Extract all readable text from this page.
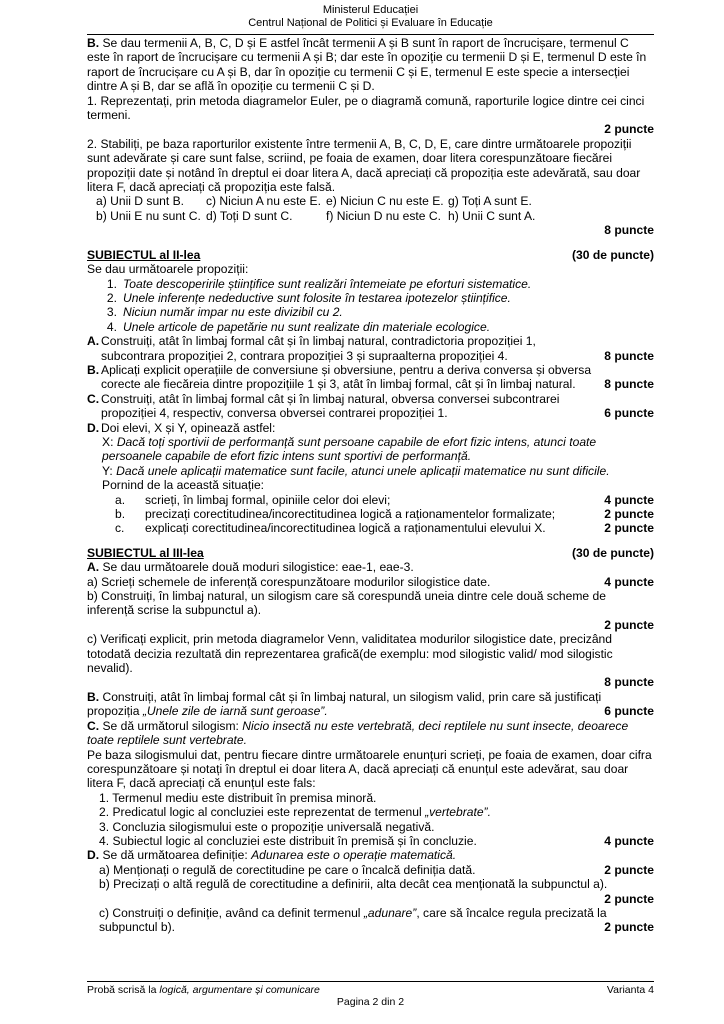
Ministerul Educației
Centrul Național de Politici și Evaluare în Educație
B. Se dau termenii A, B, C, D și E astfel încât termenii A și B sunt în raport de încrucișare, termenul C este în raport de încrucișare cu termenii A și B; dar este în opoziție cu termenii D și E, termenul D este în raport de încrucișare cu A și B, dar în opoziție cu termenii C și E, termenul E este specie a intersecției dintre A și B, dar se află în opoziție cu termenii C și D.
1. Reprezentați, prin metoda diagramelor Euler, pe o diagramă comună, raporturile logice dintre cei cinci termeni.
2 puncte
2. Stabiliți, pe baza raporturilor existente între termenii A, B, C, D, E, care dintre următoarele propoziții sunt adevărate și care sunt false, scriind, pe foaia de examen, doar litera corespunzătoare fiecărei propoziții date și notând în dreptul ei doar litera A, dacă apreciați că propoziția este adevărată, sau doar litera F, dacă apreciați că propoziția este falsă.
a) Unii D sunt B.	c) Niciun A nu este E. e) Niciun C nu este E. g) Toți A sunt E.
b) Unii E nu sunt C. d) Toți D sunt C.	f) Niciun D nu este C. h) Unii C sunt A.
8 puncte
SUBIECTUL al II-lea	(30 de puncte)
Se dau următoarele propoziții:
1. Toate descoperirile științifice sunt realizări întemeiate pe eforturi sistematice.
2. Unele inferențe nedeductive sunt folosite în testarea ipotezelor științifice.
3. Niciun număr impar nu este divizibil cu 2.
4. Unele articole de papetărie nu sunt realizate din materiale ecologice.
A. Construiți, atât în limbaj formal cât și în limbaj natural, contradictoria propoziției 1, subcontrara propoziției 2, contrara propoziției 3 și supraalterna propoziției 4.	8 puncte
B. Aplicați explicit operațiile de conversiune și obversiune, pentru a deriva conversa și obversa corecte ale fiecăreia dintre propozițiile 1 și 3, atât în limbaj formal, cât și în limbaj natural.	8 puncte
C. Construiți, atât în limbaj formal cât și în limbaj natural, obversa conversei subcontrarei propoziției 4, respectiv, conversa obversei contrarei propoziției 1.	6 puncte
D. Doi elevi, X și Y, opinează astfel:
X: Dacă toți sportivii de performanță sunt persoane capabile de efort fizic intens, atunci toate persoanele capabile de efort fizic intens sunt sportivi de performanță.
Y: Dacă unele aplicații matematice sunt facile, atunci unele aplicații matematice nu sunt dificile.
Pornind de la această situație:
a.	scrieți, în limbaj formal, opiniile celor doi elevi;	4 puncte
b.	precizați corectitudinea/incorectitudinea logică a raționamentelor formalizate;	2 puncte
c.	explicați corectitudinea/incorectitudinea logică a raționamentului elevului X.	2 puncte
SUBIECTUL al III-lea	(30 de puncte)
A. Se dau următoarele două moduri silogistice: eae-1, eae-3.
a) Scrieți schemele de inferență corespunzătoare modurilor silogistice date.	4 puncte
b) Construiți, în limbaj natural, un silogism care să corespundă uneia dintre cele două scheme de inferență scrise la subpunctul a).
2 puncte
c) Verificați explicit, prin metoda diagramelor Venn, validitatea modurilor silogistice date, precizând totodată decizia rezultată din reprezentarea grafică(de exemplu: mod silogistic valid/ mod silogistic nevalid).
8 puncte
B. Construiți, atât în limbaj formal cât și în limbaj natural, un silogism valid, prin care să justificați propoziția „Unele zile de iarnă sunt geroase”.	6 puncte
C. Se dă următorul silogism: Nicio insectă nu este vertebrată, deci reptilele nu sunt insecte, deoarece toate reptilele sunt vertebrate.
Pe baza silogismului dat, pentru fiecare dintre următoarele enunțuri scrieți, pe foaia de examen, doar cifra corespunzătoare și notați în dreptul ei doar litera A, dacă apreciați că enunțul este adevărat, sau doar litera F, dacă apreciați că enunțul este fals:
1. Termenul mediu este distribuit în premisa minoră.
2. Predicatul logic al concluziei este reprezentat de termenul „vertebrate”.
3. Concluzia silogismului este o propoziție universală negativă.
4. Subiectul logic al concluziei este distribuit în premisă și în concluzie.	4 puncte
D. Se dă următoarea definiție: Adunarea este o operație matematică.
a) Menționați o regulă de corectitudine pe care o încalcă definiția dată.	2 puncte
b) Precizați o altă regulă de corectitudine a definirii, alta decât cea menționată la subpunctul a).
2 puncte
c) Construiți o definiție, având ca definit termenul „adunare”, care să încalce regula precizată la subpunctul b).	2 puncte
Probă scrisă la logică, argumentare și comunicare	Varianta 4
Pagina 2 din 2
